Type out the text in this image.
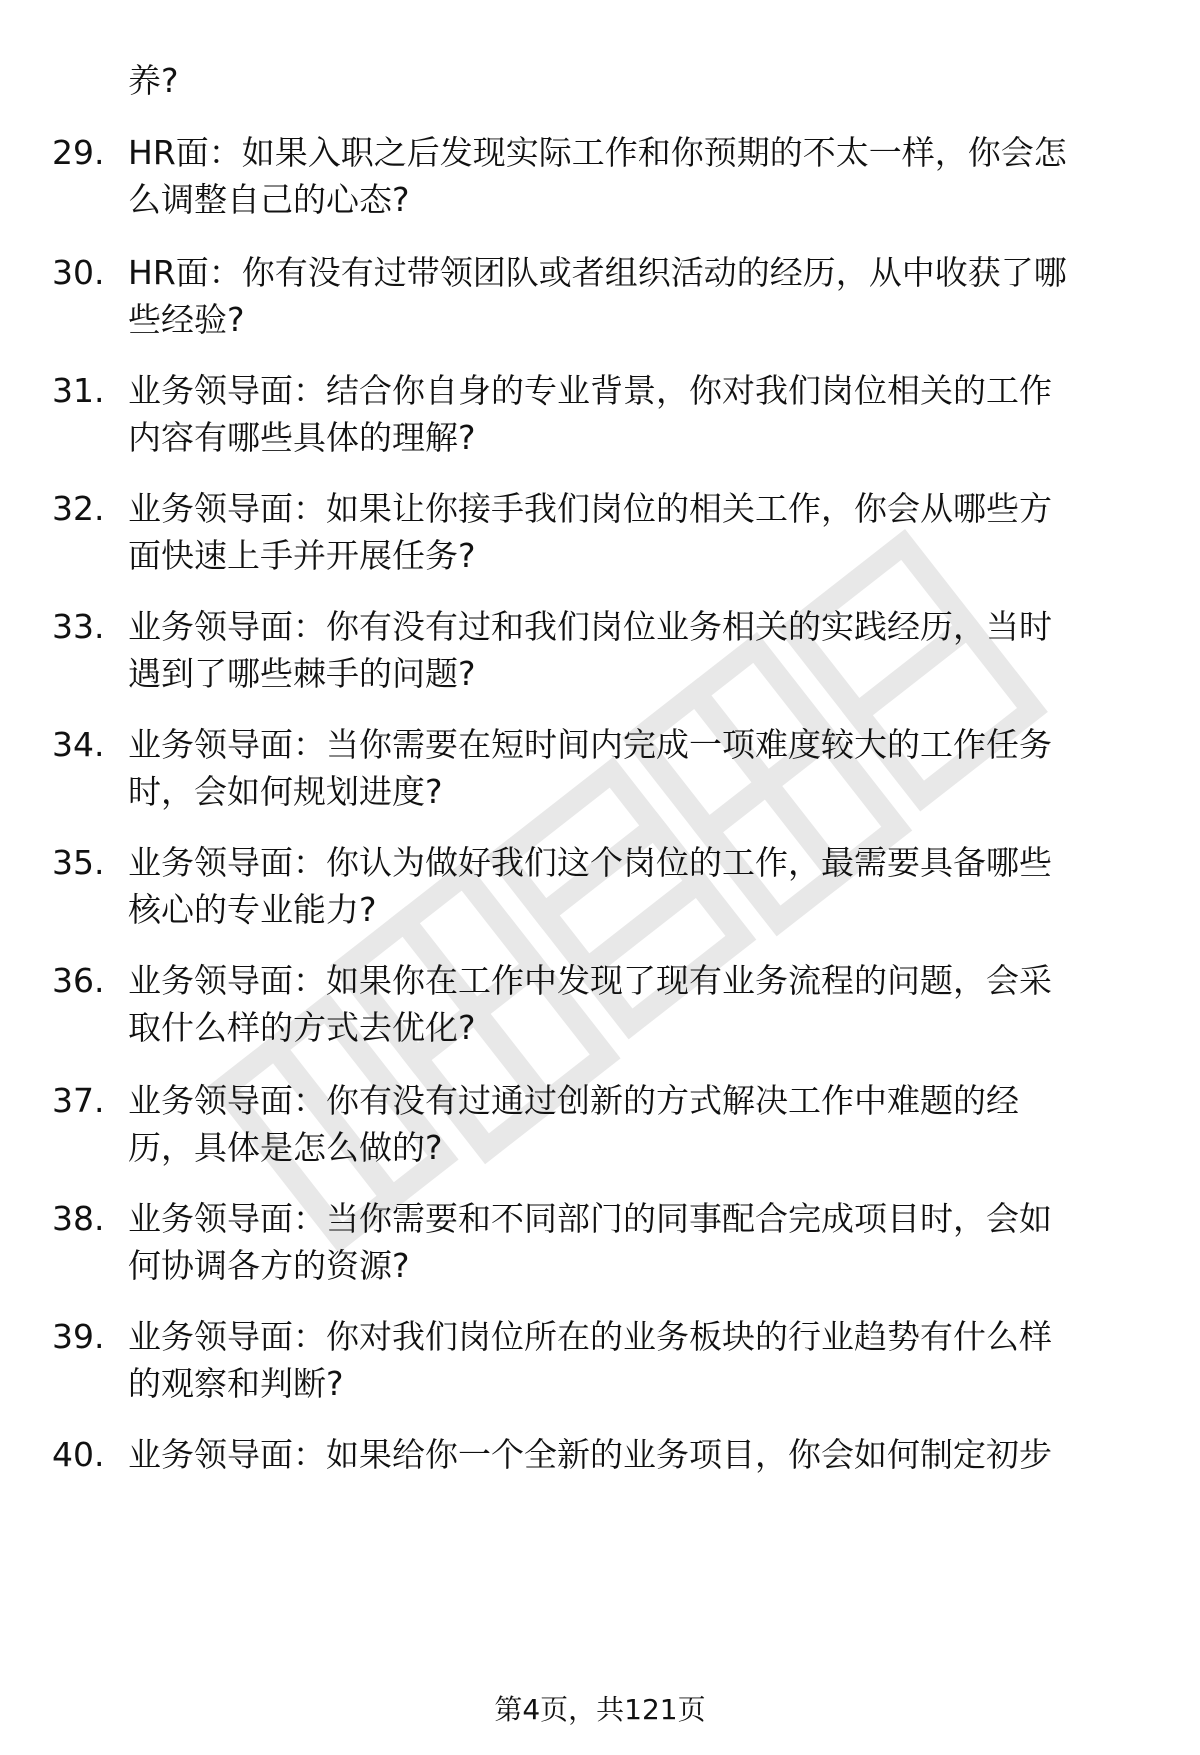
养?

29. HR面：如果入职之后发现实际工作和你预期的不太一样，你会怎

么调整自己的心态?

30. HR面：你有没有过带领团队或者组织活动的经历，从中收获了哪

些经验?

31. 业务领导面：结合你自身的专业背景，你对我们岗位相关的工作

内容有哪些具体的理解?

32. 业务领导面：如果让你接手我们岗位的相关工作，你会从哪些方

面快速上手并开展任务?

33. 业务领导面：你有没有过和我们岗位业务相关的实践经历，当时

遇到了哪些棘手的问题?

34. 业务领导面：当你需要在短时间内完成一项难度较大的工作任务

时，会如何规划进度?

35. 业务领导面：你认为做好我们这个岗位的工作，最需要具备哪些

核心的专业能力?

36. 业务领导面：如果你在工作中发现了现有业务流程的问题，会采

取什么样的方式去优化?

37. 业务领导面：你有没有过通过创新的方式解决工作中难题的经

历，具体是怎么做的?

38. 业务领导面：当你需要和不同部门的同事配合完成项目时，会如

何协调各方的资源?

39. 业务领导面：你对我们岗位所在的业务板块的行业趋势有什么样

的观察和判断?

40. 业务领导面：如果给你一个全新的业务项目，你会如何制定初步

第4页，共121页
